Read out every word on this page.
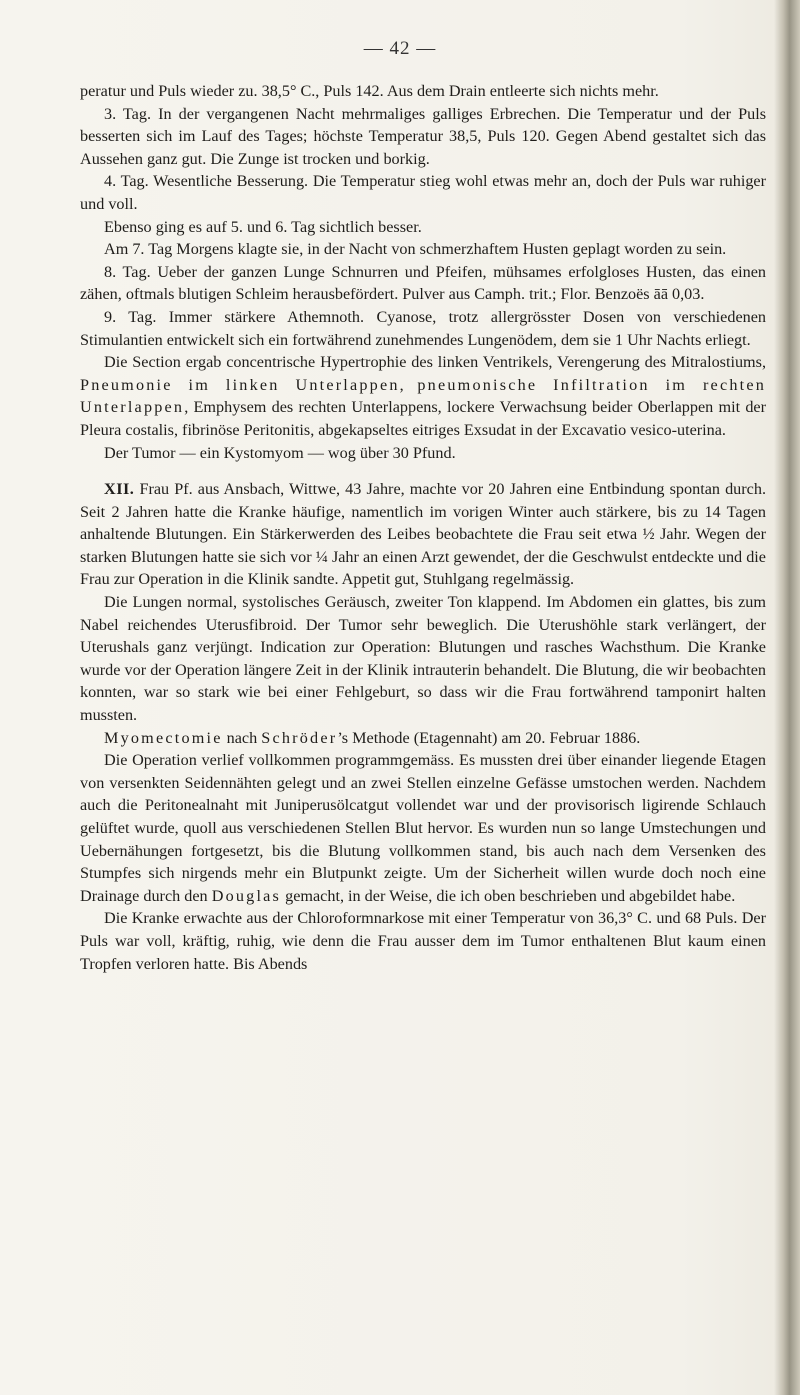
— 42 —

peratur und Puls wieder zu. 38,5° C., Puls 142. Aus dem Drain entleerte sich nichts mehr.

3. Tag. In der vergangenen Nacht mehrmaliges galliges Erbrechen. Die Temperatur und der Puls besserten sich im Lauf des Tages; höchste Temperatur 38,5, Puls 120. Gegen Abend gestaltet sich das Aussehen ganz gut. Die Zunge ist trocken und borkig.

4. Tag. Wesentliche Besserung. Die Temperatur stieg wohl etwas mehr an, doch der Puls war ruhiger und voll.

Ebenso ging es auf 5. und 6. Tag sichtlich besser.

Am 7. Tag Morgens klagte sie, in der Nacht von schmerzhaftem Husten geplagt worden zu sein.

8. Tag. Ueber der ganzen Lunge Schnurren und Pfeifen, mühsames erfolgloses Husten, das einen zähen, oftmals blutigen Schleim herausbefördert. Pulver aus Camph. trit.; Flor. Benzoës āā 0,03.

9. Tag. Immer stärkere Athemnoth. Cyanose, trotz allergrösster Dosen von verschiedenen Stimulantien entwickelt sich ein fortwährend zunehmendes Lungenödem, dem sie 1 Uhr Nachts erliegt.

Die Section ergab concentrische Hypertrophie des linken Ventrikels, Verengerung des Mitralostiums, Pneumonie im linken Unterlappen, pneumonische Infiltration im rechten Unterlappen, Emphysem des rechten Unterlappens, lockere Verwachsung beider Oberlappen mit der Pleura costalis, fibrinöse Peritonitis, abgekapseltes eitriges Exsudat in der Excavatio vesico-uterina.

Der Tumor — ein Kystomyom — wog über 30 Pfund.

XII. Frau Pf. aus Ansbach, Wittwe, 43 Jahre, machte vor 20 Jahren eine Entbindung spontan durch. Seit 2 Jahren hatte die Kranke häufige, namentlich im vorigen Winter auch stärkere, bis zu 14 Tagen anhaltende Blutungen. Ein Stärkerwerden des Leibes beobachtete die Frau seit etwa ½ Jahr. Wegen der starken Blutungen hatte sie sich vor ¼ Jahr an einen Arzt gewendet, der die Geschwulst entdeckte und die Frau zur Operation in die Klinik sandte. Appetit gut, Stuhlgang regelmässig.

Die Lungen normal, systolisches Geräusch, zweiter Ton klappend. Im Abdomen ein glattes, bis zum Nabel reichendes Uterusfibroid. Der Tumor sehr beweglich. Die Uterushöhle stark verlängert, der Uterushals ganz verjüngt. Indication zur Operation: Blutungen und rasches Wachsthum. Die Kranke wurde vor der Operation längere Zeit in der Klinik intrauterin behandelt. Die Blutung, die wir beobachten konnten, war so stark wie bei einer Fehlgeburt, so dass wir die Frau fortwährend tamponirt halten mussten.

Myomectomie nach Schröder’s Methode (Etagennaht) am 20. Februar 1886.

Die Operation verlief vollkommen programmgemäss. Es mussten drei über einander liegende Etagen von versenkten Seidennähten gelegt und an zwei Stellen einzelne Gefässe umstochen werden. Nachdem auch die Peritonealnaht mit Juniperusölcatgut vollendet war und der provisorisch ligirende Schlauch gelüftet wurde, quoll aus verschiedenen Stellen Blut hervor. Es wurden nun so lange Umstechungen und Uebernähungen fortgesetzt, bis die Blutung vollkommen stand, bis auch nach dem Versenken des Stumpfes sich nirgends mehr ein Blutpunkt zeigte. Um der Sicherheit willen wurde doch noch eine Drainage durch den Douglas gemacht, in der Weise, die ich oben beschrieben und abgebildet habe.

Die Kranke erwachte aus der Chloroformnarkose mit einer Temperatur von 36,3° C. und 68 Puls. Der Puls war voll, kräftig, ruhig, wie denn die Frau ausser dem im Tumor enthaltenen Blut kaum einen Tropfen verloren hatte. Bis Abends
